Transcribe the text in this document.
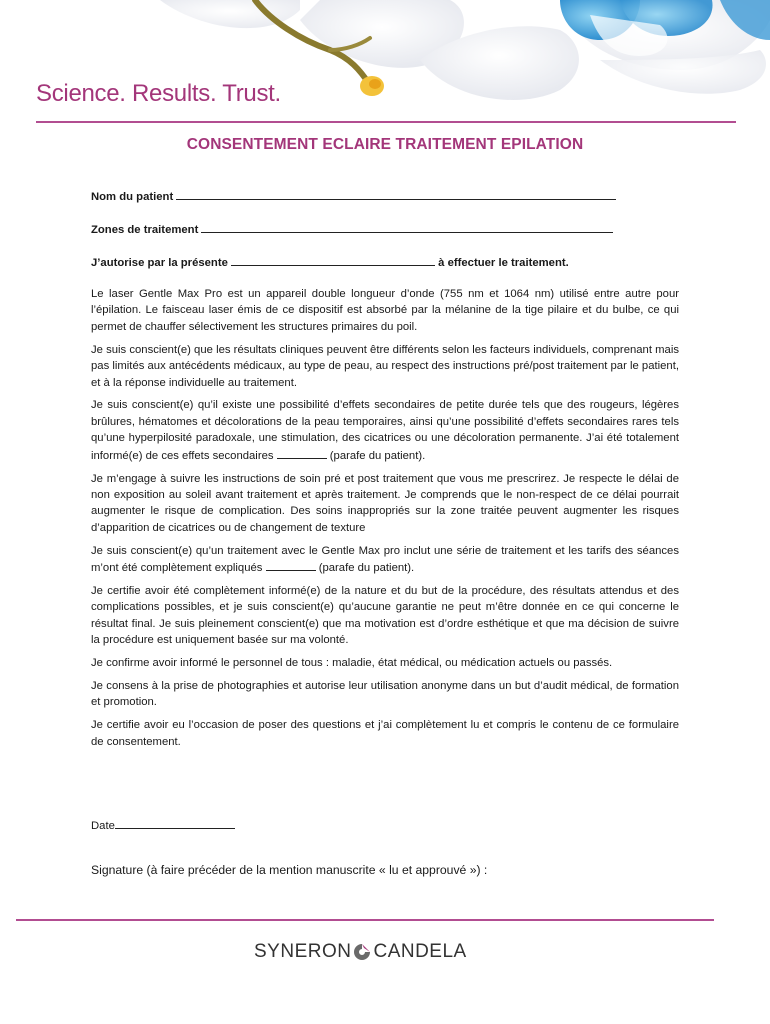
Science. Results. Trust.
CONSENTEMENT ECLAIRE TRAITEMENT EPILATION
Nom du patient
Zones de traitement
J’autorise par la présente	à effectuer le traitement.

Le laser Gentle Max Pro est un appareil double longueur d’onde (755 nm et 1064 nm) utilisé entre autre pour l’épilation. Le faisceau laser émis de ce dispositif est absorbé par la mélanine de la tige pilaire et du bulbe, ce qui permet de chauffer sélectivement les structures primaires du poil.

Je suis conscient(e) que les résultats cliniques peuvent être différents selon les facteurs individuels, comprenant mais pas limités aux antécédents médicaux, au type de peau, au respect des instructions pré/post traitement par le patient, et à la réponse individuelle au traitement.

Je suis conscient(e) qu’il existe une possibilité d’effets secondaires de petite durée tels que des rougeurs, légères brûlures, hématomes et décolorations de la peau temporaires, ainsi qu’une possibilité d’effets secondaires rares tels qu’une hyperpilosité paradoxale, une stimulation, des cicatrices ou une décoloration permanente. J’ai été totalement informé(e) de ces effets secondaires	(parafe du patient).

Je m’engage à suivre les instructions de soin pré et post traitement que vous me prescrirez. Je respecte le délai de non exposition au soleil avant traitement et après traitement. Je comprends que le non-respect de ce délai pourrait augmenter le risque de complication. Des soins inappropriés sur la zone traitée peuvent augmenter les risques d’apparition de cicatrices ou de changement de texture

Je suis conscient(e) qu’un traitement avec le Gentle Max pro inclut une série de traitement et les tarifs des séances m’ont été complètement expliqués	(parafe du patient).

Je certifie avoir été complètement informé(e) de la nature et du but de la procédure, des résultats attendus et des complications possibles, et je suis conscient(e) qu’aucune garantie ne peut m’être donnée en ce qui concerne le résultat final. Je suis pleinement conscient(e) que ma motivation est d’ordre esthétique et que ma décision de suivre la procédure est uniquement basée sur ma volonté.

Je confirme avoir informé le personnel de tous : maladie, état médical, ou médication actuels ou passés.

Je consens à la prise de photographies et autorise leur utilisation anonyme dans un but d’audit médical, de formation et promotion.

Je certifie avoir eu l’occasion de poser des questions et j’ai complètement lu et compris le contenu de ce formulaire de consentement.

Date
Signature (à faire précéder de la mention manuscrite « lu et approuvé ») :
SYNERON CANDELA
